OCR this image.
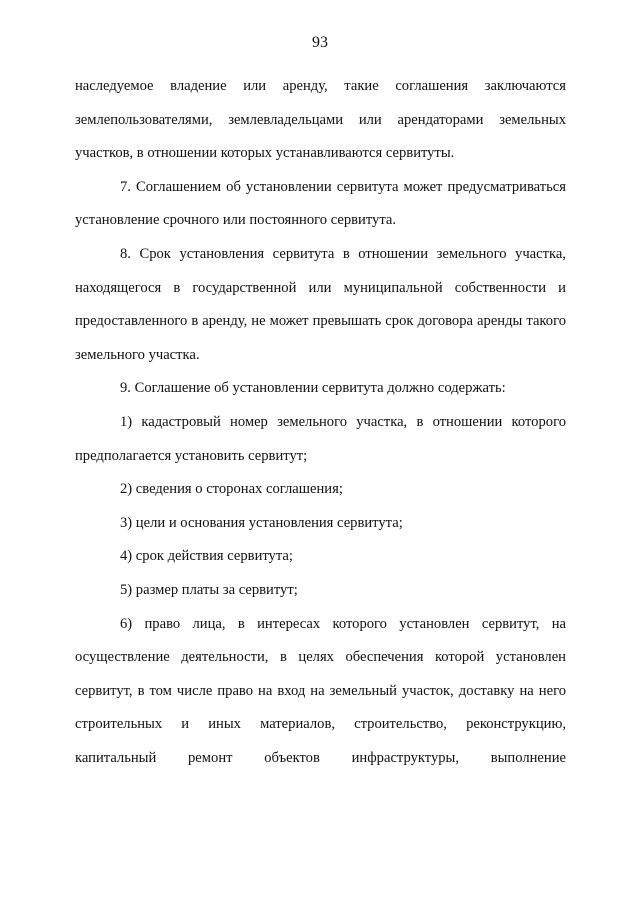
93

наследуемое владение или аренду, такие соглашения заключаются землепользователями, землевладельцами или арендаторами земельных участков, в отношении которых устанавливаются сервитуты.

7. Соглашением об установлении сервитута может предусматриваться установление срочного или постоянного сервитута.

8. Срок установления сервитута в отношении земельного участка, находящегося в государственной или муниципальной собственности и предоставленного в аренду, не может превышать срок договора аренды такого земельного участка.

9. Соглашение об установлении сервитута должно содержать:

1) кадастровый номер земельного участка, в отношении которого предполагается установить сервитут;

2) сведения о сторонах соглашения;

3) цели и основания установления сервитута;

4) срок действия сервитута;

5) размер платы за сервитут;

6) право лица, в интересах которого установлен сервитут, на осуществление деятельности, в целях обеспечения которой установлен сервитут, в том числе право на вход на земельный участок, доставку на него строительных и иных материалов, строительство, реконструкцию, капитальный ремонт объектов инфраструктуры, выполнение
